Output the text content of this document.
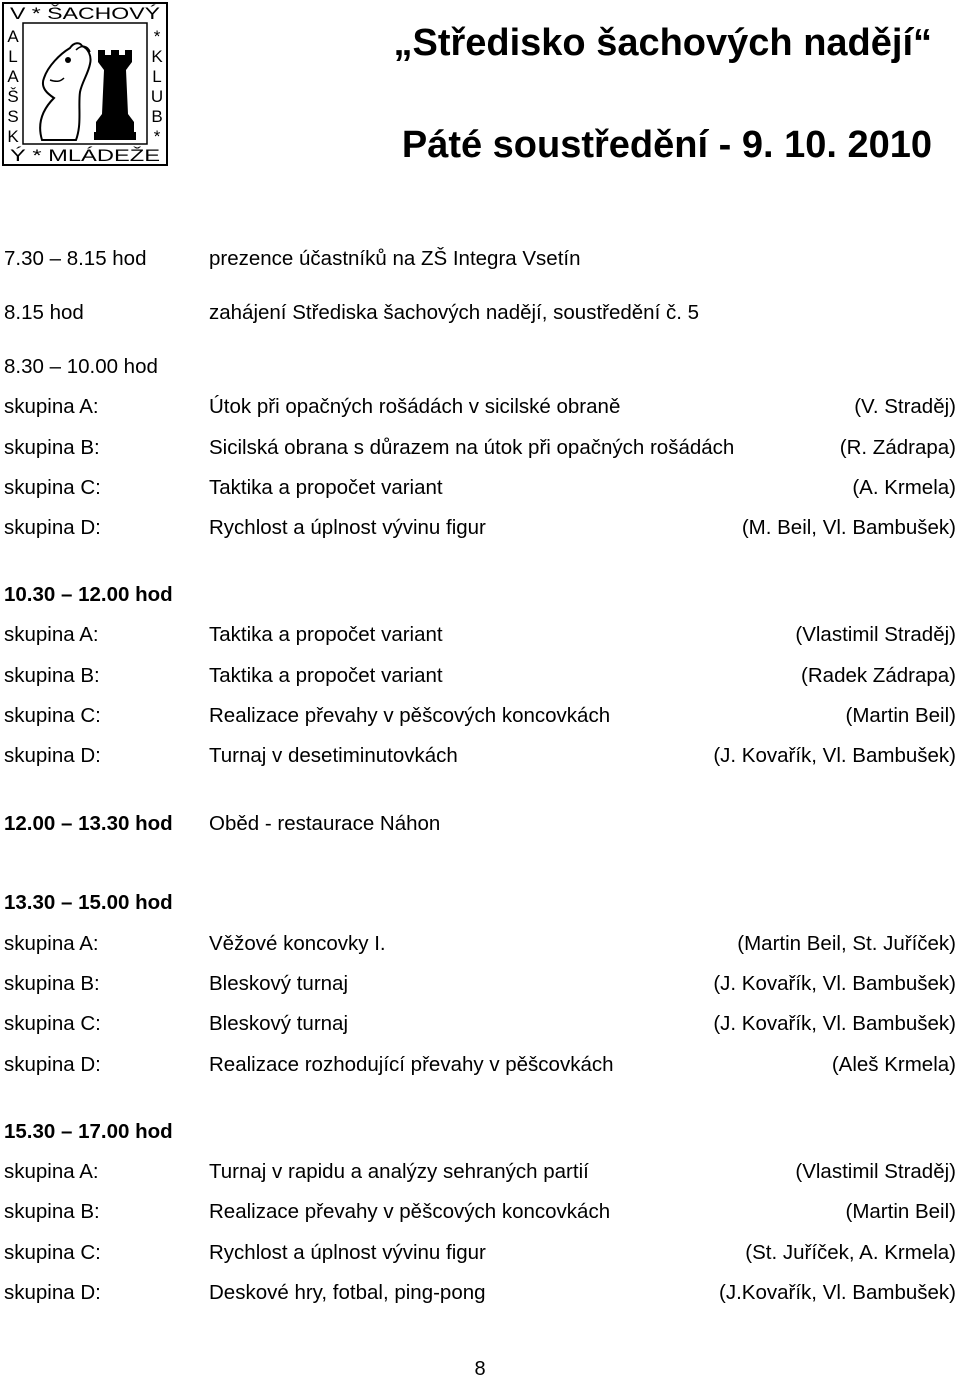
V * ŠACHOVÝ
Ý * MLÁDEŽE
A
L
A
Š
S
K
*
K
L
U
B
*
„Středisko šachových nadějí“
Páté soustředění - 9. 10. 2010
7.30 – 8.15 hod	prezence účastníků na ZŠ Integra Vsetín
8.15 hod	zahájení Střediska šachových nadějí, soustředění č. 5
8.30 – 10.00 hod
skupina A:	Útok při opačných rošádách v sicilské obraně	(V. Straděj)
skupina B:	Sicilská obrana s důrazem na útok při opačných rošádách	(R. Zádrapa)
skupina C:	Taktika a propočet variant	(A. Krmela)
skupina D:	Rychlost a úplnost vývinu figur	(M. Beil, Vl. Bambušek)
10.30 – 12.00 hod
skupina A:	Taktika a propočet variant	(Vlastimil Straděj)
skupina B:	Taktika a propočet variant	(Radek Zádrapa)
skupina C:	Realizace převahy v pěšcových koncovkách	(Martin Beil)
skupina D:	Turnaj v desetiminutovkách	(J. Kovařík, Vl. Bambušek)
12.00 – 13.30 hod Oběd - restaurace Náhon
13.30 – 15.00 hod
skupina A:	Věžové koncovky I.	(Martin Beil, St. Juříček)
skupina B:	Bleskový turnaj	(J. Kovařík, Vl. Bambušek)
skupina C:	Bleskový turnaj	(J. Kovařík, Vl. Bambušek)
skupina D:	Realizace rozhodující převahy v pěšcovkách	(Aleš Krmela)
15.30 – 17.00 hod
skupina A:	Turnaj v rapidu a analýzy sehraných partií	(Vlastimil Straděj)
skupina B:	Realizace převahy v pěšcových koncovkách	(Martin Beil)
skupina C:	Rychlost a úplnost vývinu figur	(St. Juříček, A. Krmela)
skupina D:	Deskové hry, fotbal, ping-pong	(J.Kovařík, Vl. Bambušek)
8
